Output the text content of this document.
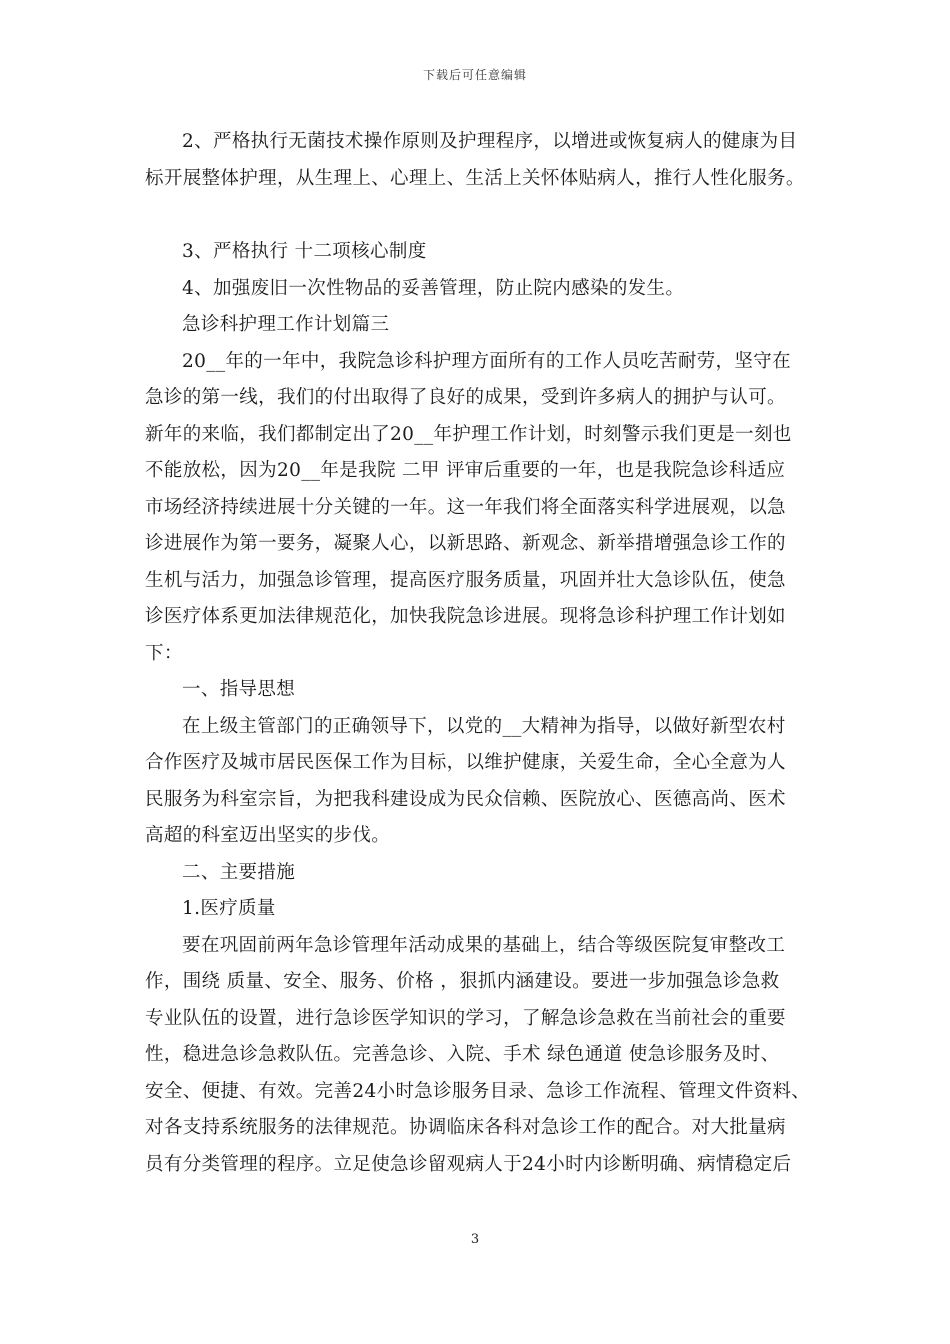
下载后可任意编辑
2、严格执行无菌技术操作原则及护理程序，以增进或恢复病人的健康为目
标开展整体护理，从生理上、心理上、生活上关怀体贴病人，推行人性化服务。
3、严格执行 十二项核心制度
4、加强废旧一次性物品的妥善管理，防止院内感染的发生。
急诊科护理工作计划篇三
20__年的一年中，我院急诊科护理方面所有的工作人员吃苦耐劳，坚守在
急诊的第一线，我们的付出取得了良好的成果，受到许多病人的拥护与认可。
新年的来临，我们都制定出了20__年护理工作计划，时刻警示我们更是一刻也
不能放松，因为20__年是我院 二甲 评审后重要的一年，也是我院急诊科适应
市场经济持续进展十分关键的一年。这一年我们将全面落实科学进展观，以急
诊进展作为第一要务，凝聚人心，以新思路、新观念、新举措增强急诊工作的
生机与活力，加强急诊管理，提高医疗服务质量，巩固并壮大急诊队伍，使急
诊医疗体系更加法律规范化，加快我院急诊进展。现将急诊科护理工作计划如
下：
一、指导思想
在上级主管部门的正确领导下，以党的__大精神为指导，以做好新型农村
合作医疗及城市居民医保工作为目标，以维护健康，关爱生命，全心全意为人
民服务为科室宗旨，为把我科建设成为民众信赖、医院放心、医德高尚、医术
高超的科室迈出坚实的步伐。
二、主要措施
1.医疗质量
要在巩固前两年急诊管理年活动成果的基础上，结合等级医院复审整改工
作，围绕 质量、安全、服务、价格 ，狠抓内涵建设。要进一步加强急诊急救
专业队伍的设置，进行急诊医学知识的学习，了解急诊急救在当前社会的重要
性，稳进急诊急救队伍。完善急诊、入院、手术 绿色通道 使急诊服务及时、
安全、便捷、有效。完善24小时急诊服务目录、急诊工作流程、管理文件资料、
对各支持系统服务的法律规范。协调临床各科对急诊工作的配合。对大批量病
员有分类管理的程序。立足使急诊留观病人于24小时内诊断明确、病情稳定后
3
